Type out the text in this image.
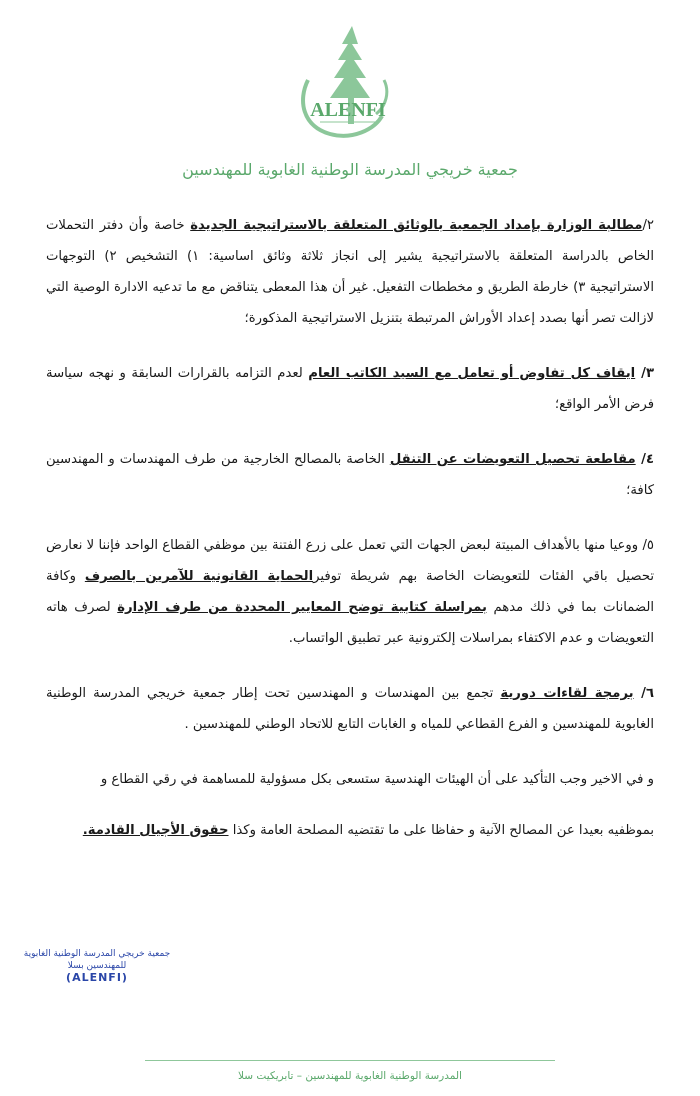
ALENFI
جمعية خريجي المدرسة الوطنية الغابوية للمهندسين

٢/مطالبة الوزارة بإمداد الجمعية بالوثائق المتعلقة بالاستراتيجية الجديدة خاصة وأن دفتر التحملات الخاص بالدراسة المتعلقة بالاستراتيجية يشير إلى انجاز ثلاثة وثائق اساسية: ١) التشخيص ٢) التوجهات الاستراتيجية ٣) خارطة الطريق و مخططات التفعيل. غير أن هذا المعطى يتناقض مع ما تدعيه الادارة الوصية التي لازالت تصر أنها بصدد إعداد الأوراش المرتبطة بتنزيل الاستراتيجية المذكورة؛

٣/ ايقاف كل تفاوض أو تعامل مع السيد الكاتب العام لعدم التزامه بالقرارات السابقة و نهجه سياسة فرض الأمر الواقع؛

٤/ مقاطعة تحصيل التعويضات عن التنقل الخاصة بالمصالح الخارجية من طرف المهندسات و المهندسين كافة؛

٥/ ووعيا منها بالأهداف المبيتة لبعض الجهات التي تعمل على زرع الفتنة بين موظفي القطاع الواحد فإننا لا نعارض تحصيل باقي الفئات للتعويضات الخاصة بهم شريطة توفيرالحماية القانونية للآمرين بالصرف وكافة الضمانات بما في ذلك مدهم بمراسلة كتابية توضح المعايير المحددة من طرف الإدارة لصرف هاته التعويضات و عدم الاكتفاء بمراسلات إلكترونية عبر تطبيق الواتساب.

٦/ برمجة لقاءات دورية تجمع بين المهندسات و المهندسين تحت إطار جمعية خريجي المدرسة الوطنية الغابوية للمهندسين و الفرع القطاعي للمياه و الغابات التابع للاتحاد الوطني للمهندسين .

و في الاخير وجب التأكيد على أن الهيئات الهندسية ستسعى بكل مسؤولية للمساهمة في رقي القطاع و

بموظفيه بعيدا عن المصالح الآنية و حفاظا على ما تقتضيه المصلحة العامة وكذا حقوق الأجيال القادمة.

جمعية خريجي المدرسة الوطنية الغابوية
للمهندسين بسلا
(ALENFI)
المدرسة الوطنية الغابوية للمهندسين – تابريكيت سلا
